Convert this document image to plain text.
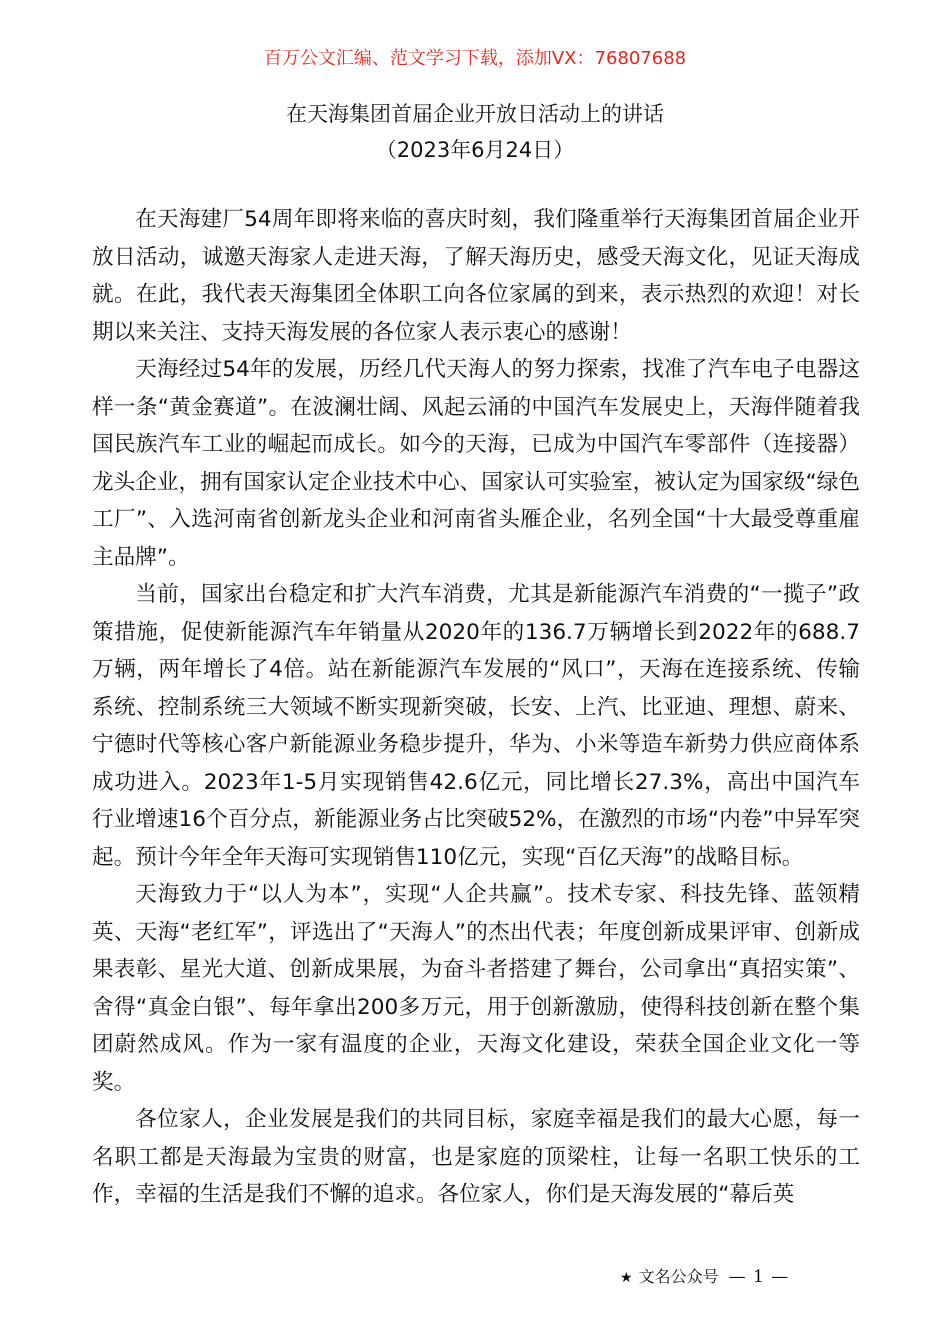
百万公文汇编、范文学习下载，添加VX：76807688
在天海集团首届企业开放日活动上的讲话
（2023年6月24日）

在天海建厂54周年即将来临的喜庆时刻，我们隆重举行天海集团首届企业开放日活动，诚邀天海家人走进天海，了解天海历史，感受天海文化，见证天海成就。在此，我代表天海集团全体职工向各位家属的到来，表示热烈的欢迎！对长期以来关注、支持天海发展的各位家人表示衷心的感谢！

天海经过54年的发展，历经几代天海人的努力探索，找准了汽车电子电器这样一条“黄金赛道”。在波澜壮阔、风起云涌的中国汽车发展史上，天海伴随着我国民族汽车工业的崛起而成长。如今的天海，已成为中国汽车零部件（连接器）龙头企业，拥有国家认定企业技术中心、国家认可实验室，被认定为国家级“绿色工厂”、入选河南省创新龙头企业和河南省头雁企业，名列全国“十大最受尊重雇主品牌”。

当前，国家出台稳定和扩大汽车消费，尤其是新能源汽车消费的“一揽子”政策措施，促使新能源汽车年销量从2020年的136.7万辆增长到2022年的688.7万辆，两年增长了4倍。站在新能源汽车发展的“风口”，天海在连接系统、传输系统、控制系统三大领域不断实现新突破，长安、上汽、比亚迪、理想、蔚来、宁德时代等核心客户新能源业务稳步提升，华为、小米等造车新势力供应商体系成功进入。2023年1-5月实现销售42.6亿元，同比增长27.3%，高出中国汽车行业增速16个百分点，新能源业务占比突破52%，在激烈的市场“内卷”中异军突起。预计今年全年天海可实现销售110亿元，实现“百亿天海”的战略目标。

天海致力于“以人为本”，实现“人企共赢”。技术专家、科技先锋、蓝领精英、天海“老红军”，评选出了“天海人”的杰出代表；年度创新成果评审、创新成果表彰、星光大道、创新成果展，为奋斗者搭建了舞台，公司拿出“真招实策”、舍得“真金白银”、每年拿出200多万元，用于创新激励，使得科技创新在整个集团蔚然成风。作为一家有温度的企业，天海文化建设，荣获全国企业文化一等奖。

各位家人，企业发展是我们的共同目标，家庭幸福是我们的最大心愿，每一名职工都是天海最为宝贵的财富，也是家庭的顶梁柱，让每一名职工快乐的工作，幸福的生活是我们不懈的追求。各位家人，你们是天海发展的“幕后英

★ 文名公众号 — 1 —
